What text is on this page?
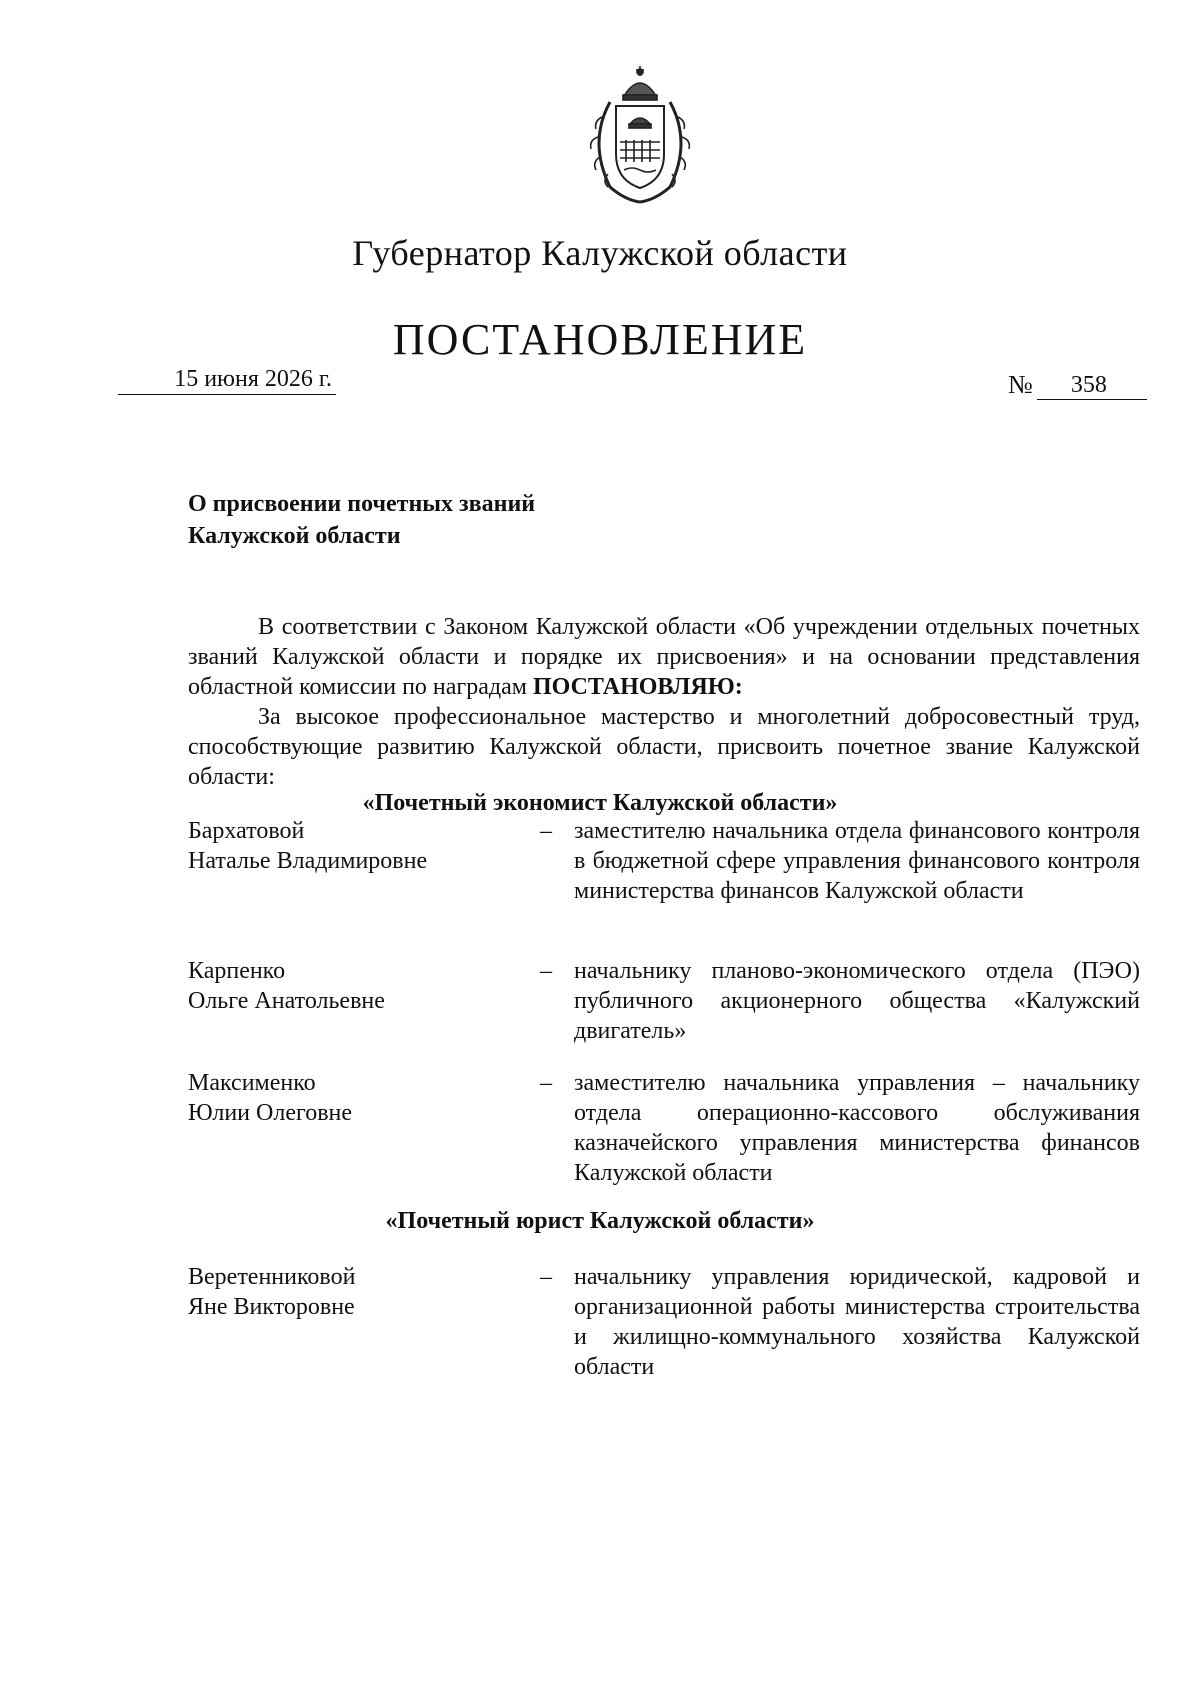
Губернатор Калужской области
ПОСТАНОВЛЕНИЕ
15 июня 2026 г.	№	358
О присвоении почетных званий
Калужской области

В соответствии с Законом Калужской области «Об учреждении отдельных почетных званий Калужской области и порядке их присвоения» и на основании представления областной комиссии по наградам ПОСТАНОВЛЯЮ:

За высокое профессиональное мастерство и многолетний добросовестный труд, способствующие развитию Калужской области, присвоить почетное звание Калужской области:

«Почетный экономист Калужской области»
Бархатовой
Наталье Владимировне
– заместителю начальника отдела финансового контроля в бюджетной сфере управления финансового контроля министерства финансов Калужской области
Карпенко
Ольге Анатольевне
– начальнику планово-экономического отдела (ПЭО) публичного акционерного общества «Калужский двигатель»
Максименко
Юлии Олеговне
– заместителю начальника управления – начальнику отдела операционно-кассового обслуживания казначейского управления министерства финансов Калужской области
«Почетный юрист Калужской области»
Веретенниковой
Яне Викторовне
– начальнику управления юридической, кадровой и организационной работы министерства строительства и жилищно-коммунального хозяйства Калужской области
